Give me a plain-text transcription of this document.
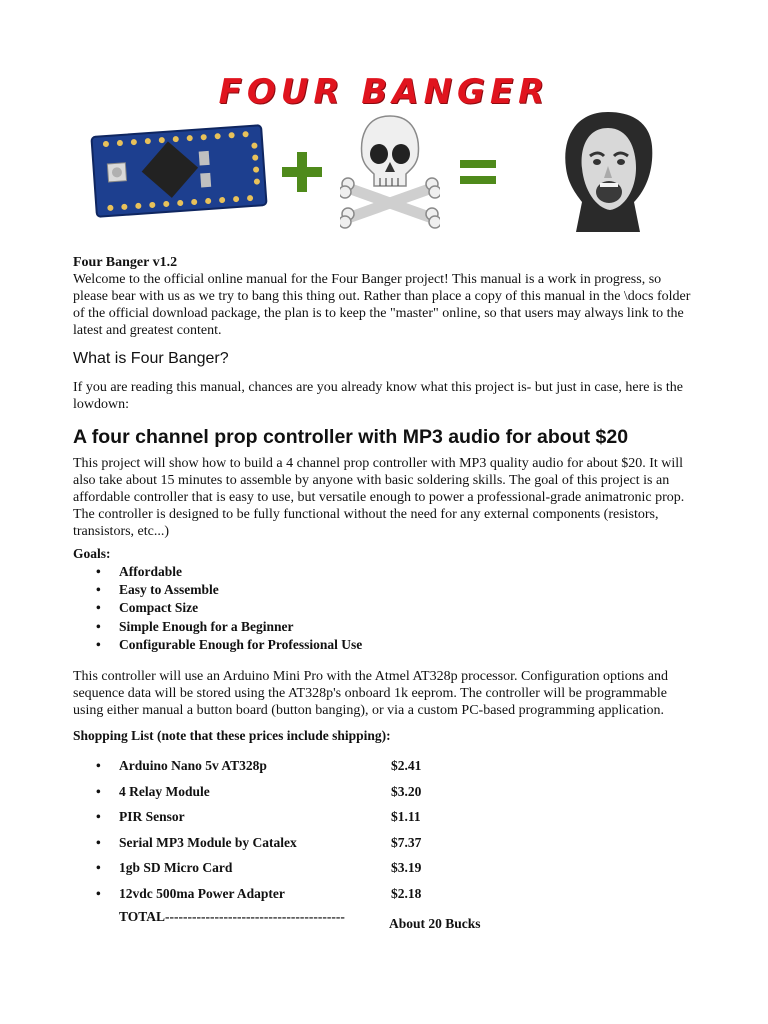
FOUR BANGER

Four Banger v1.2

Welcome to the official online manual for the Four Banger project! This manual is a work in progress, so please bear with us as we try to bang this thing out. Rather than place a copy of this manual in the \docs folder of the official download package, the plan is to keep the "master" online, so that users may always link to the latest and greatest content.

What is Four Banger?

If you are reading this manual, chances are you already know what this project is- but just in case, here is the lowdown:

A four channel prop controller with MP3 audio for about $20

This project will show how to build a 4 channel prop controller with MP3 quality audio for about $20. It will also take about 15 minutes to assemble by anyone with basic soldering skills. The goal of this project is an affordable controller that is easy to use, but versatile enough to power a professional-grade animatronic prop. The controller is designed to be fully functional without the need for any external components (resistors, transistors, etc...)

Goals:
• Affordable
• Easy to Assemble
• Compact Size
• Simple Enough for a Beginner
• Configurable Enough for Professional Use

This controller will use an Arduino Mini Pro with the Atmel AT328p processor. Configuration options and sequence data will be stored using the AT328p's onboard 1k eeprom. The controller will be programmable using either manual a button board (button banging), or via a custom PC-based programming application.

Shopping List (note that these prices include shipping):
• Arduino Nano 5v AT328p	$2.41
• 4 Relay Module	$3.20
• PIR Sensor	$1.11
• Serial MP3 Module by Catalex	$7.37
• 1gb SD Micro Card	$3.19
• 12vdc 500ma Power Adapter	$2.18
TOTAL----------------------------------------	About 20 Bucks
